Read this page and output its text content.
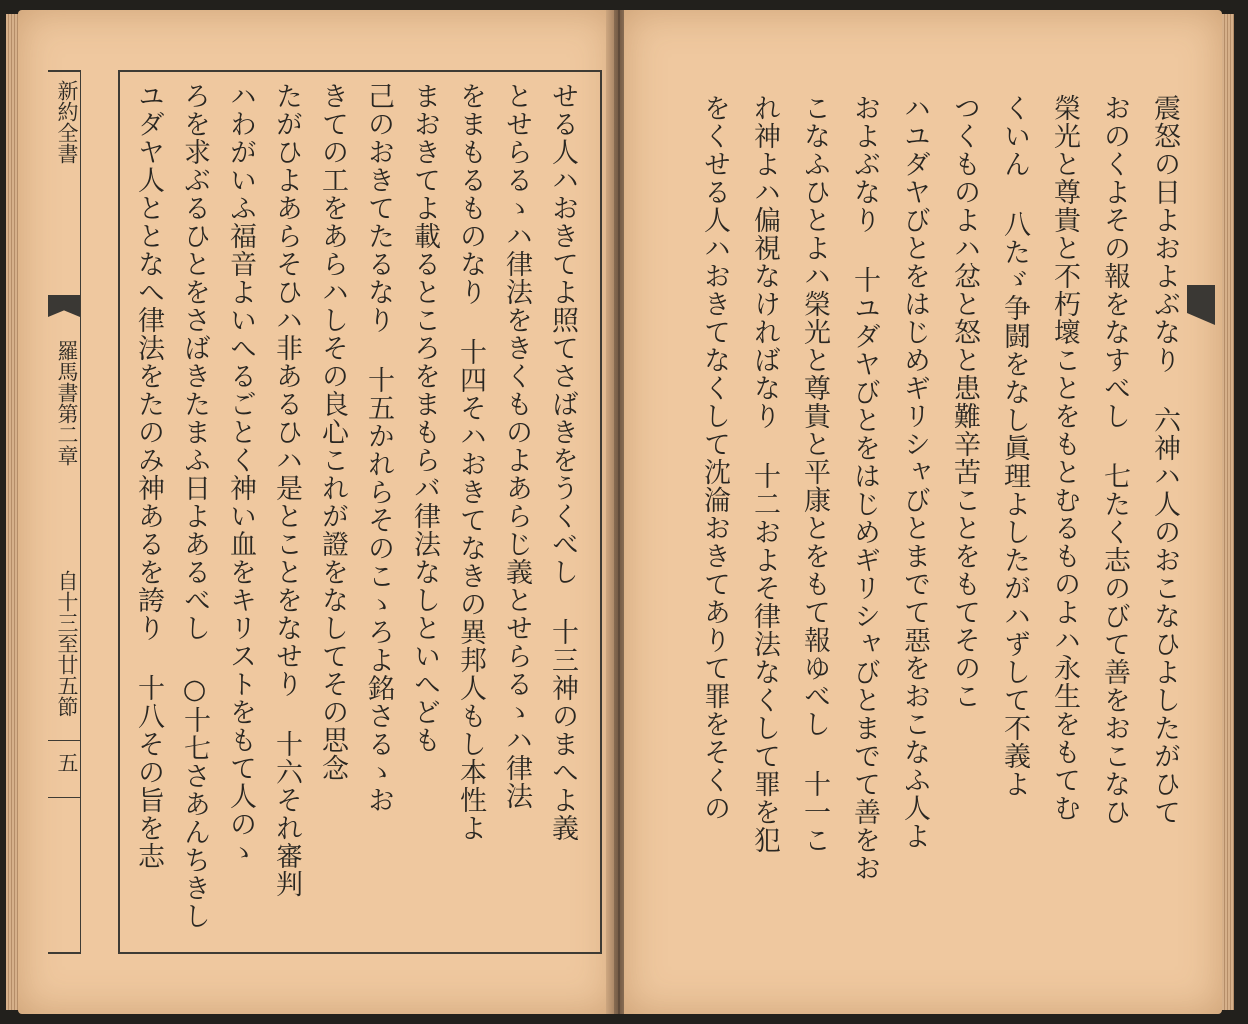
新約全書
羅馬書第二章
自十三至廿五節
五	せる人ハおきてよ照てさばきをうくべし 十三神のまへよ義
とせらるゝハ律法をきくものよあらじ義とせらるゝハ律法
をまもるものなり 十四そハおきてなきの異邦人もし本性よ
まおきてよ載るところをまもらバ律法なしといへども
己のおきてたるなり 十五かれらそのこゝろよ銘さるゝお
きての工をあらハしその良心これが證をなしてその思念
たがひよあらそひハ非あるひハ是とことをなせり 十六それ審判
ハわがいふ福音よいへるごとく神い血をキリストをもて人のゝ
ろを求ぶるひとをさばきたまふ日よあるべし ○十七さあんちきし
ユダヤ人ととなへ律法をたのみ神あるを誇り 十八その旨を志	震怒の日よおよぶなり 六神ハ人のおこなひよしたがひて
おのくよその報をなすべし 七たく志のびて善をおこなひ
榮光と尊貴と不朽壞ことをもとむるものよハ永生をもてむ
くいん 八たゞ争闘をなし眞理よしたがハずして不義よ
つくものよハ忿と怒と患難辛苦ことをもてそのこ
ハユダヤびとをはじめギリシャびとまでて惡をおこなふ人よ
およぶなり 十ユダヤびとをはじめギリシャびとまでて善をお
こなふひとよハ榮光と尊貴と平康とをもて報ゆべし 十一こ
れ神よハ偏視なければなり 十二およそ律法なくして罪を犯
をくせる人ハおきてなくして沈淪おきてありて罪をそくの
